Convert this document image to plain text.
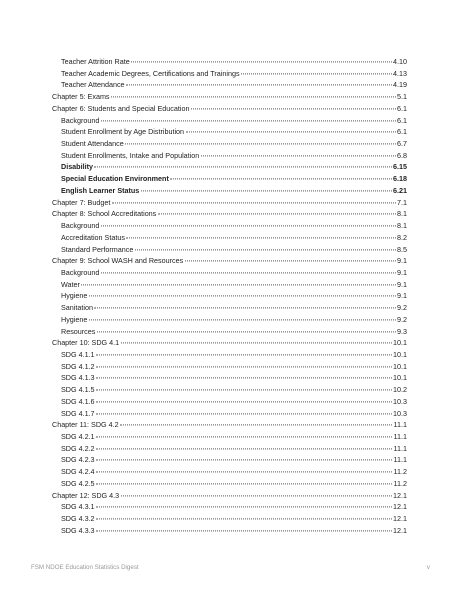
Teacher Attrition Rate	4.10
Teacher Academic Degrees, Certifications and Trainings	4.13
Teacher Attendance	4.19
Chapter 5: Exams	5.1
Chapter 6: Students and Special Education	6.1
Background	6.1
Student Enrollment by Age Distribution	6.1
Student Attendance	6.7
Student Enrollments, Intake and Population	6.8
Disability	6.15
Special Education Environment	6.18
English Learner Status	6.21
Chapter 7: Budget	7.1
Chapter 8: School Accreditations	8.1
Background	8.1
Accreditation Status	8.2
Standard Performance	8.5
Chapter 9: School WASH and Resources	9.1
Background	9.1
Water	9.1
Hygiene	9.1
Sanitation	9.2
Hygiene	9.2
Resources	9.3
Chapter 10: SDG 4.1	10.1
SDG 4.1.1	10.1
SDG 4.1.2	10.1
SDG 4.1.3	10.1
SDG 4.1.5	10.2
SDG 4.1.6	10.3
SDG 4.1.7	10.3
Chapter 11: SDG 4.2	11.1
SDG 4.2.1	11.1
SDG 4.2.2	11.1
SDG 4.2.3	11.1
SDG 4.2.4	11.2
SDG 4.2.5	11.2
Chapter 12: SDG 4.3	12.1
SDG 4.3.1	12.1
SDG 4.3.2	12.1
SDG 4.3.3	12.1
FSM NDOE Education Statistics Digest	v
